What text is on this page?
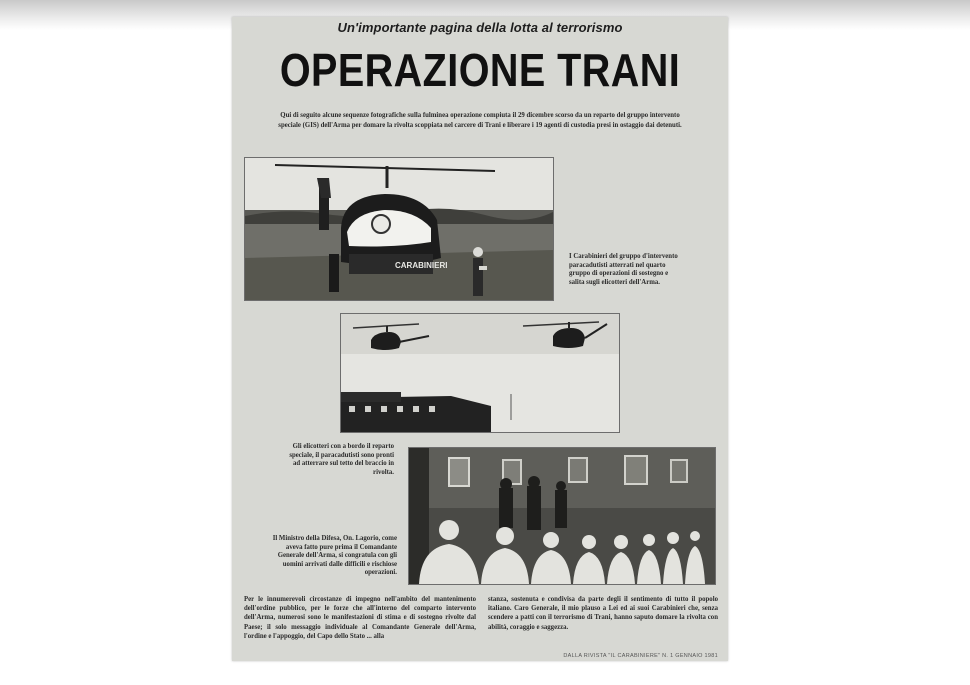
Un'importante pagina della lotta al terrorismo
OPERAZIONE TRANI
Qui di seguito alcune sequenze fotografiche sulla fulminea operazione compiuta il 29 dicembre scorso da un reparto del gruppo intervento speciale (GIS) dell'Arma per domare la rivolta scoppiata nel carcere di Trani e liberare i 19 agenti di custodia presi in ostaggio dai detenuti.
CARABINIERI
I Carabinieri del gruppo d'intervento paracadutisti atterrati nel quarto gruppo di operazioni di sostegno e salita sugli elicotteri dell'Arma.
Gli elicotteri con a bordo il reparto speciale, il paracadutisti sono pronti ad atterrare sul tetto del braccio in rivolta.
Il Ministro della Difesa, On. Lagorio, come aveva fatto pure prima il Comandante Generale dell'Arma, si congratula con gli uomini arrivati dalle difficili e rischiose operazioni.
Per le innumerevoli circostanze di impegno nell'ambito del mantenimento dell'ordine pubblico, per le forze che all'interno del comparto intervento dell'Arma, numerosi sono le manifestazioni di stima e di sostegno rivolte dal Paese; il solo messaggio individuale al Comandante Generale dell'Arma, l'ordine e l'appoggio, del Capo dello Stato ... alla
stanza, sostenuta e condivisa da parte degli il sentimento di tutto il popolo italiano. Caro Generale, il mio plauso a Lei ed ai suoi Carabinieri che, senza scendere a patti con il terrorismo di Trani, hanno saputo domare la rivolta con abilità, coraggio e saggezza.
DALLA RIVISTA "IL CARABINIERE" N. 1 GENNAIO 1981
